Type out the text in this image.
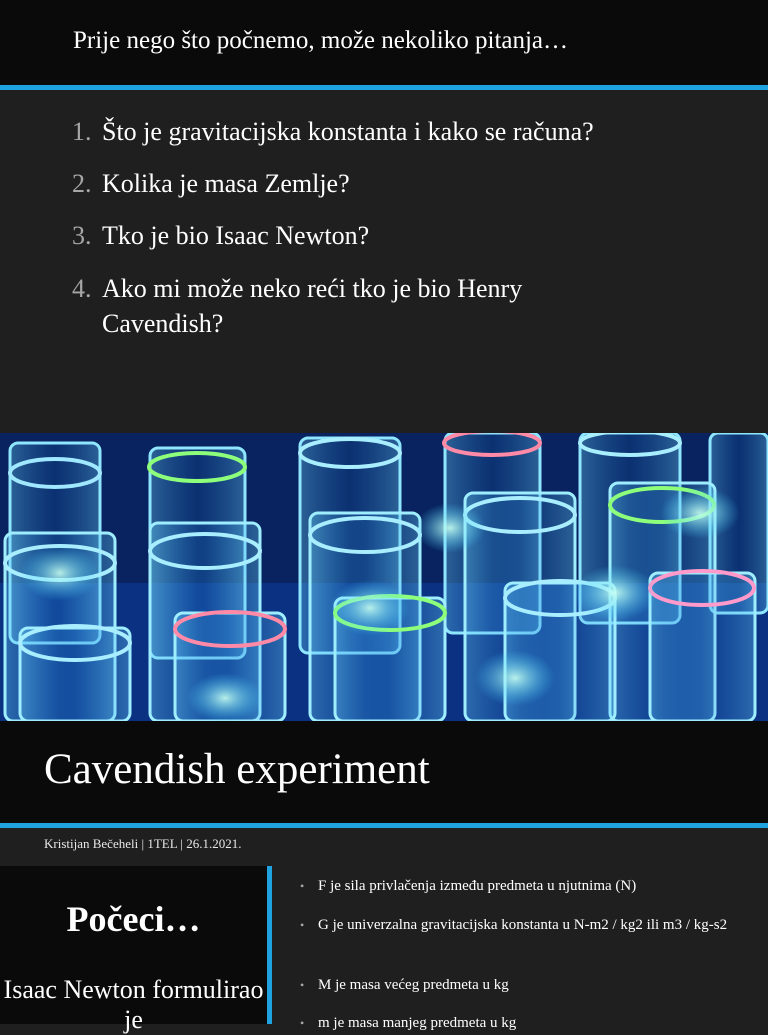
Prije nego što počnemo, može nekoliko pitanja…
1. Što je gravitacijska konstanta i kako se računa?
2. Kolika je masa Zemlje?
3. Tko je bio Isaac Newton?
4. Ako mi može neko reći tko je bio Henry Cavendish?
Cavendish experiment
Kristijan Bečeheli | 1TEL | 26.1.2021.
Počeci…
Isaac Newton formulirao je
• F je sila privlačenja između predmeta u njutnima (N)
• G je univerzalna gravitacijska konstanta u N-m2 / kg2 ili m3 / kg-s2
• M je masa većeg predmeta u kg
• m je masa manjeg predmeta u kg
